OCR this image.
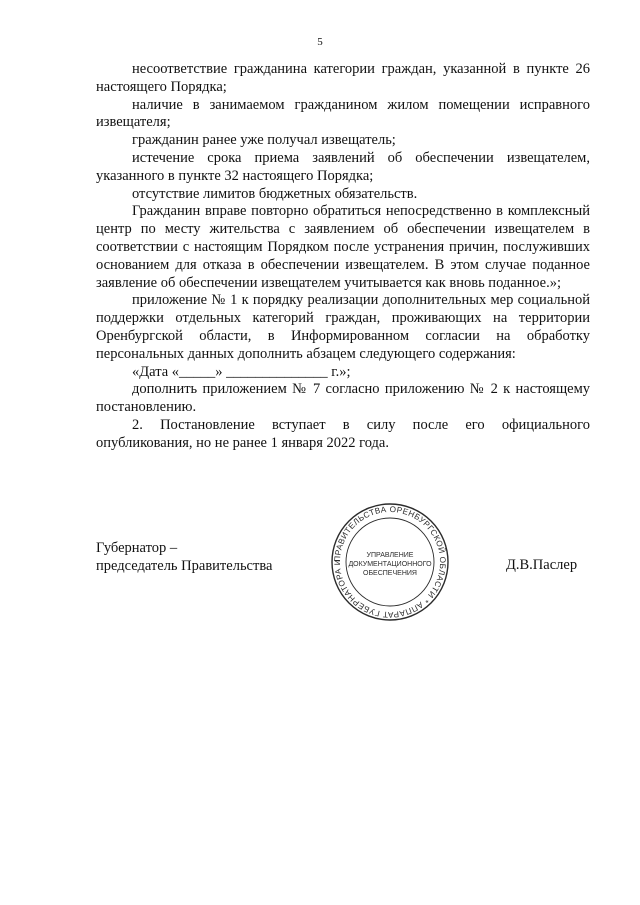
5

несоответствие гражданина категории граждан, указанной в пункте 26 настоящего Порядка;

наличие в занимаемом гражданином жилом помещении исправного извещателя;

гражданин ранее уже получал извещатель;

истечение срока приема заявлений об обеспечении извещателем, указанного в пункте 32 настоящего Порядка;

отсутствие лимитов бюджетных обязательств.

Гражданин вправе повторно обратиться непосредственно в комплексный центр по месту жительства с заявлением об обеспечении извещателем в соответствии с настоящим Порядком после устранения причин, послуживших основанием для отказа в обеспечении извещателем. В этом случае поданное заявление об обеспечении извещателем учитывается как вновь поданное.»;

приложение № 1 к порядку реализации дополнительных мер социальной поддержки отдельных категорий граждан, проживающих на территории Оренбургской области, в Информированном согласии на обработку персональных данных дополнить абзацем следующего содержания:

«Дата «_____» ______________ г.»;

дополнить приложением № 7 согласно приложению № 2 к настоящему постановлению.

2. Постановление вступает в силу после его официального опубликования, но не ранее 1 января 2022 года.

Губернатор –
председатель Правительства	ПРАВИТЕЛЬСТВА ОРЕНБУРГСКОЙ ОБЛАСТИ * АППАРАТ ГУБЕРНАТОРА И
УПРАВЛЕНИЕ
ДОКУМЕНТАЦИОННОГО
ОБЕСПЕЧЕНИЯ
Д.В.Паслер
